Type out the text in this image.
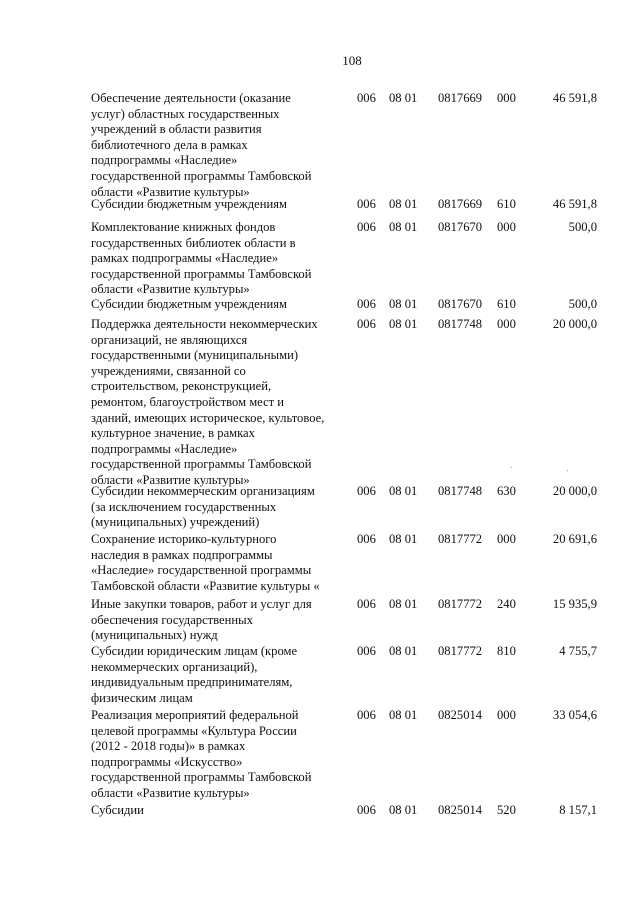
108
Обеспечение деятельности (оказание
услуг) областных государственных
учреждений в области развития
библиотечного дела в рамках
подпрограммы «Наследие»
государственной программы Тамбовской
области «Развитие культуры»
006 08 01 0817669 000	46 591,8
Субсидии бюджетным учреждениям	006 08 01 0817669 610	46 591,8
Комплектование книжных фондов
государственных библиотек области в
рамках подпрограммы «Наследие»
государственной программы Тамбовской
области «Развитие культуры»
006 08 01 0817670 000	500,0
Субсидии бюджетным учреждениям	006 08 01 0817670 610	500,0
Поддержка деятельности некоммерческих
организаций, не являющихся
государственными (муниципальными)
учреждениями, связанной со
строительством, реконструкцией,
ремонтом, благоустройством мест и
зданий, имеющих историческое, культовое,
культурное значение, в рамках
подпрограммы «Наследие»
государственной программы Тамбовской
области «Развитие культуры»
006 08 01 0817748 000	20 000,0
Субсидии некоммерческим организациям
(за исключением государственных
(муниципальных) учреждений)
006 08 01 0817748 630	20 000,0
Сохранение историко-культурного
наследия в рамках подпрограммы
«Наследие» государственной программы
Тамбовской области «Развитие культуры «
006 08 01 0817772 000	20 691,6
Иные закупки товаров, работ и услуг для
обеспечения государственных
(муниципальных) нужд
006 08 01 0817772 240	15 935,9
Субсидии юридическим лицам (кроме
некоммерческих организаций),
индивидуальным предпринимателям,
физическим лицам
006 08 01 0817772 810	4 755,7
Реализация мероприятий федеральной
целевой программы «Культура России
(2012 - 2018 годы)» в рамках
подпрограммы «Искусство»
государственной программы Тамбовской
области «Развитие культуры»
006 08 01 0825014 000	33 054,6
Субсидии	006 08 01 0825014 520	8 157,1
